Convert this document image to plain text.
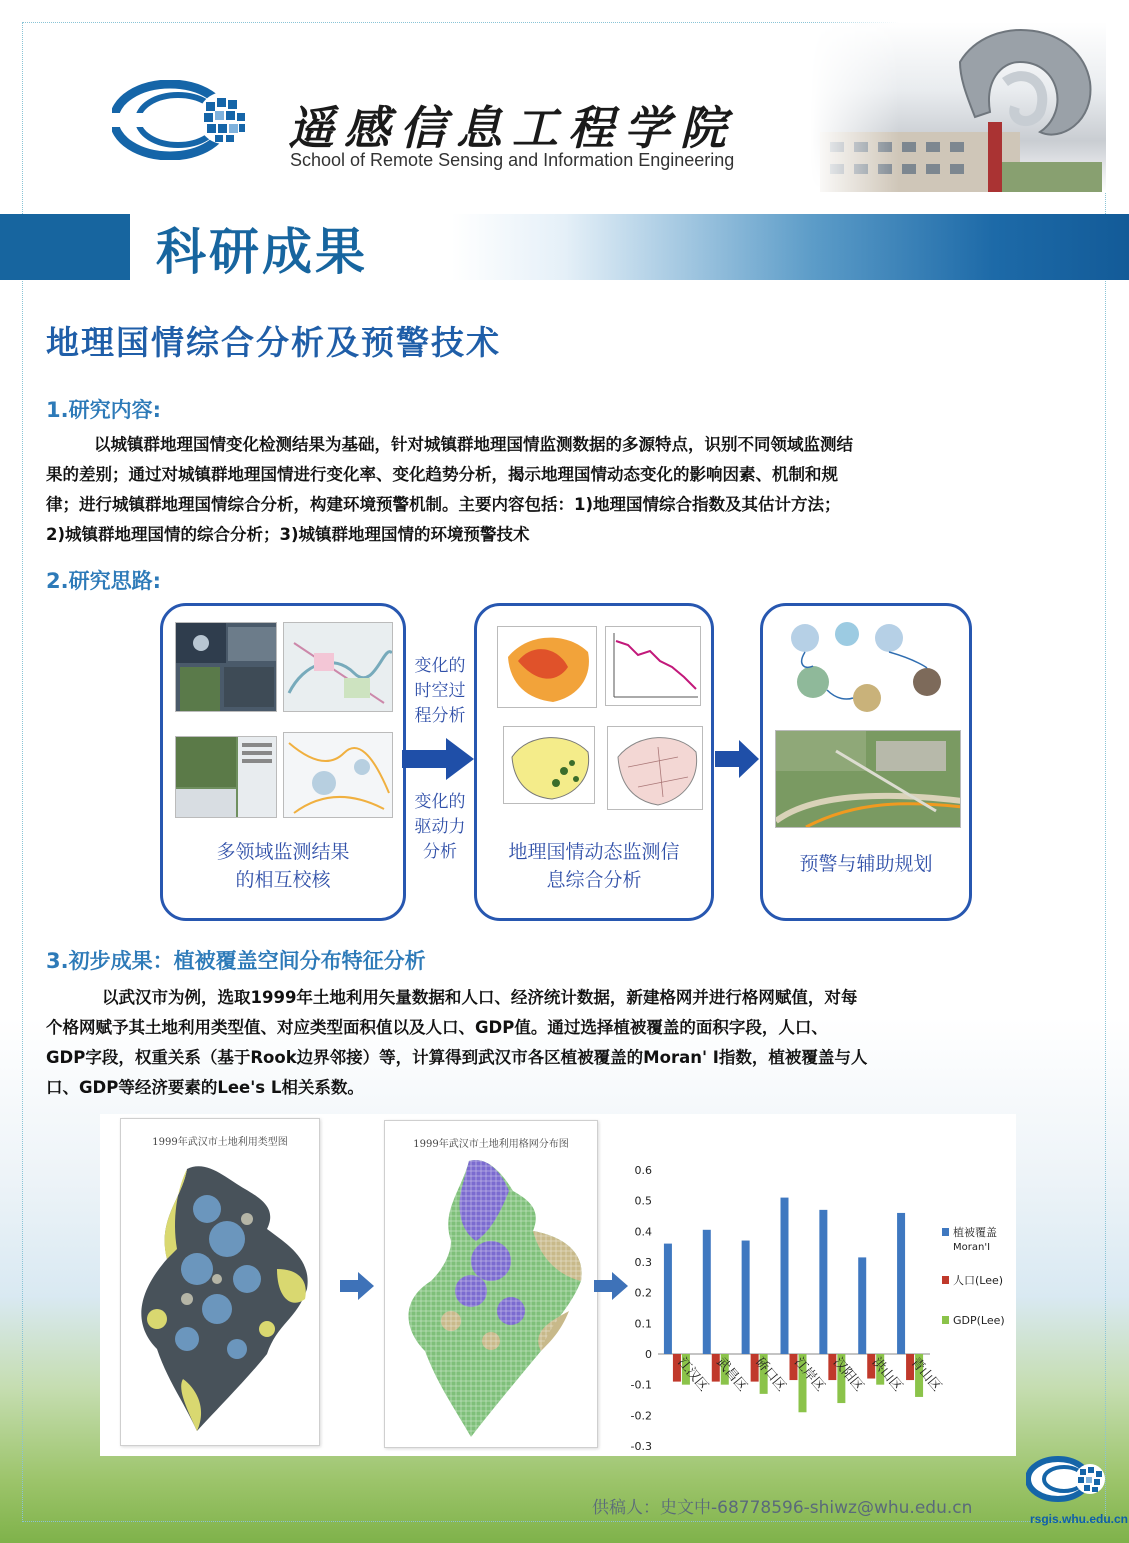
遥感信息工程学院
School of Remote Sensing and Information Engineering
科研成果
地理国情综合分析及预警技术
1.研究内容:
以城镇群地理国情变化检测结果为基础，针对城镇群地理国情监测数据的多源特点，识别不同领域监测结
果的差别；通过对城镇群地理国情进行变化率、变化趋势分析，揭示地理国情动态变化的影响因素、机制和规
律；进行城镇群地理国情综合分析，构建环境预警机制。主要内容包括：1)地理国情综合指数及其估计方法；
2)城镇群地理国情的综合分析；3)城镇群地理国情的环境预警技术
2.研究思路:
多领域监测结果
的相互校核
变化的
时空过
程分析
变化的
驱动力
分析	地理国情动态监测信
息综合分析
预警与辅助规划
3.初步成果：植被覆盖空间分布特征分析
以武汉市为例，选取1999年土地利用矢量数据和人口、经济统计数据，新建格网并进行格网赋值，对每
个格网赋予其土地利用类型值、对应类型面积值以及人口、GDP值。通过选择植被覆盖的面积字段，人口、
GDP字段，权重关系（基于Rook边界邻接）等，计算得到武汉市各区植被覆盖的Moran' I指数，植被覆盖与人
口、GDP等经济要素的Lee's L相关系数。
1999年武汉市土地利用类型图	1999年武汉市土地利用格网分布图
0.6
0.5
0.4
0.3
0.2
0.1
0
-0.1
-0.2
-0.3
江汉区 武昌区 硚口区 江岸区 汉阳区 洪山区 青山区
植被覆盖
Moran'I
人口(Lee)
GDP(Lee)
供稿人：史文中-68778596-shiwz@whu.edu.cn
rsgis.whu.edu.cn
